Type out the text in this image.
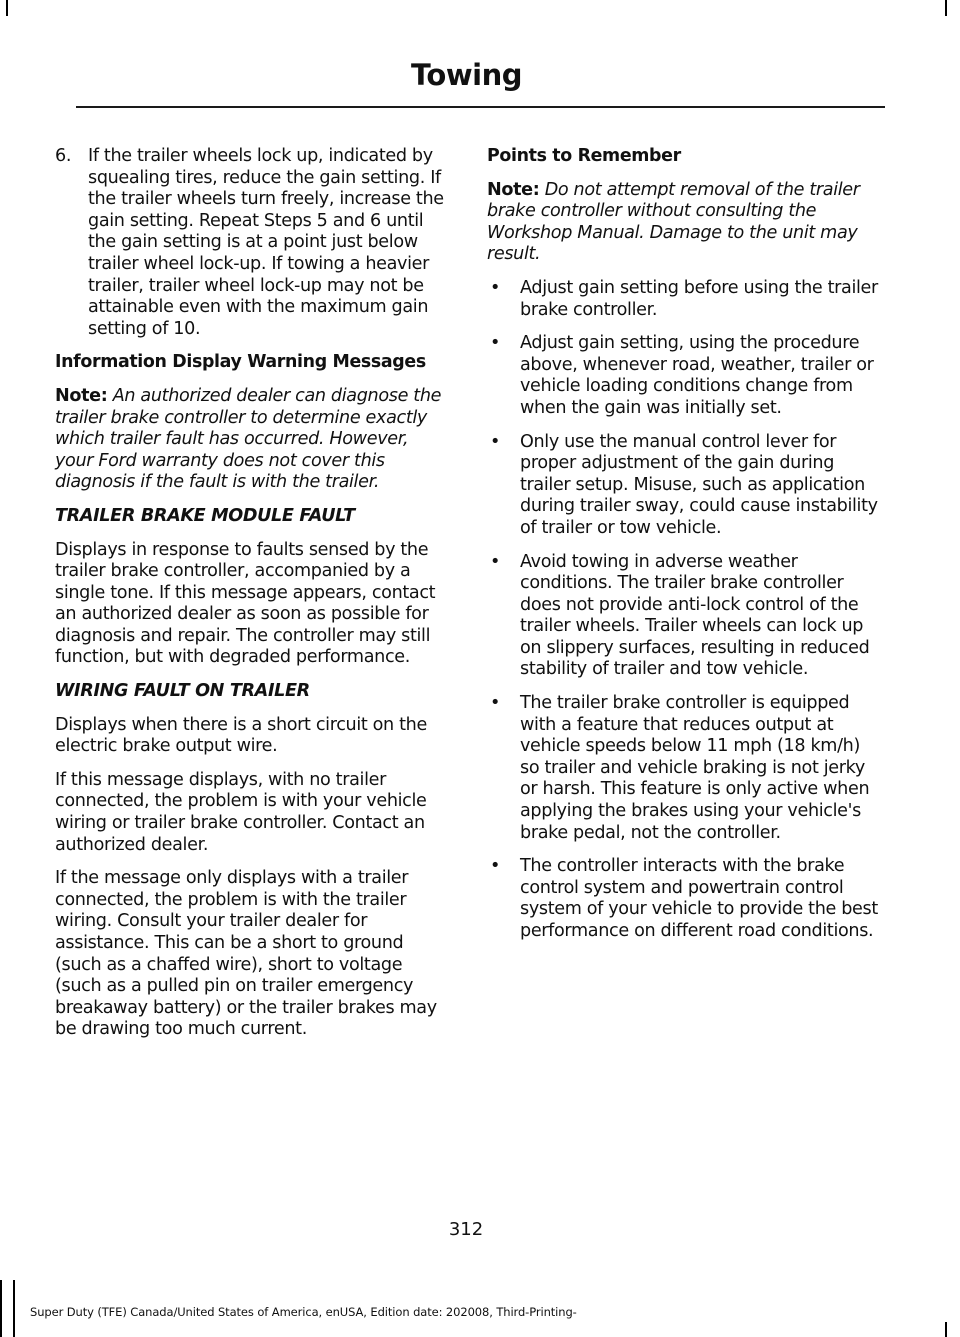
Towing
6. If the trailer wheels lock up, indicated by squealing tires, reduce the gain setting. If the trailer wheels turn freely, increase the gain setting. Repeat Steps 5 and 6 until the gain setting is at a point just below trailer wheel lock-up. If towing a heavier trailer, trailer wheel lock-up may not be attainable even with the maximum gain setting of 10.
Information Display Warning Messages

Note: An authorized dealer can diagnose the trailer brake controller to determine exactly which trailer fault has occurred. However, your Ford warranty does not cover this diagnosis if the fault is with the trailer.

TRAILER BRAKE MODULE FAULT

Displays in response to faults sensed by the trailer brake controller, accompanied by a single tone. If this message appears, contact an authorized dealer as soon as possible for diagnosis and repair. The controller may still function, but with degraded performance.

WIRING FAULT ON TRAILER

Displays when there is a short circuit on the electric brake output wire.

If this message displays, with no trailer connected, the problem is with your vehicle wiring or trailer brake controller. Contact an authorized dealer.

If the message only displays with a trailer connected, the problem is with the trailer wiring. Consult your trailer dealer for assistance. This can be a short to ground (such as a chaffed wire), short to voltage (such as a pulled pin on trailer emergency breakaway battery) or the trailer brakes may be drawing too much current.

Points to Remember

Note: Do not attempt removal of the trailer brake controller without consulting the Workshop Manual. Damage to the unit may result.

• Adjust gain setting before using the trailer brake controller.
• Adjust gain setting, using the procedure above, whenever road, weather, trailer or vehicle loading conditions change from when the gain was initially set.
• Only use the manual control lever for proper adjustment of the gain during trailer setup. Misuse, such as application during trailer sway, could cause instability of trailer or tow vehicle.
• Avoid towing in adverse weather conditions. The trailer brake controller does not provide anti-lock control of the trailer wheels. Trailer wheels can lock up on slippery surfaces, resulting in reduced stability of trailer and tow vehicle.
• The trailer brake controller is equipped with a feature that reduces output at vehicle speeds below 11 mph (18 km/h) so trailer and vehicle braking is not jerky or harsh. This feature is only active when applying the brakes using your vehicle's brake pedal, not the controller.
• The controller interacts with the brake control system and powertrain control system of your vehicle to provide the best performance on different road conditions.
312
Super Duty (TFE) Canada/United States of America, enUSA, Edition date: 202008, Third-Printing-
